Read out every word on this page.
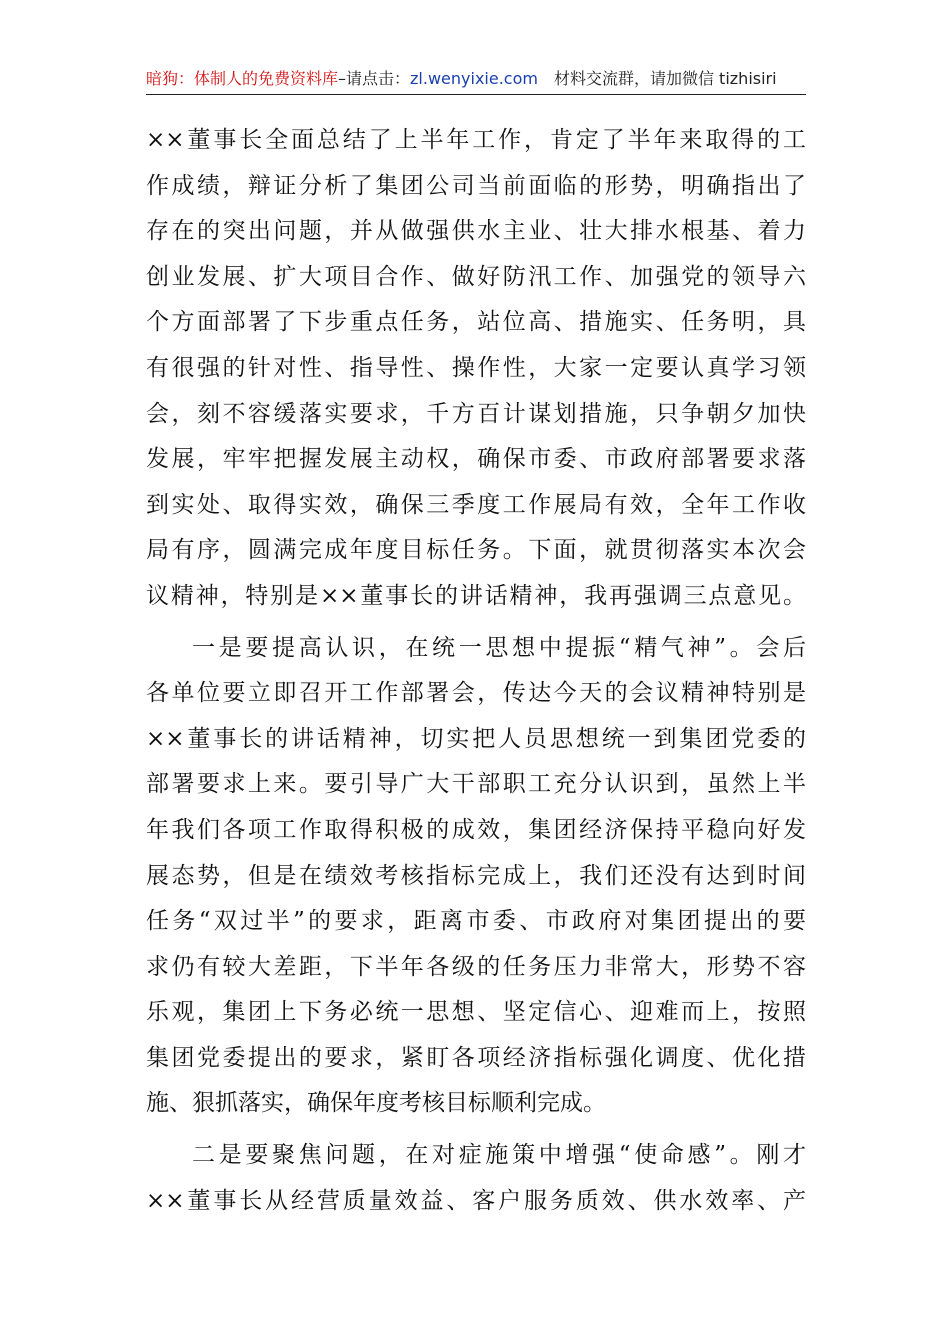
暗狗：体制人的免费资料库–请点击：zl.wenyixie.com 材料交流群，请加微信 tizhisiri
××董事长全面总结了上半年工作，肯定了半年来取得的工
作成绩，辩证分析了集团公司当前面临的形势，明确指出了
存在的突出问题，并从做强供水主业、壮大排水根基、着力
创业发展、扩大项目合作、做好防汛工作、加强党的领导六
个方面部署了下步重点任务，站位高、措施实、任务明，具
有很强的针对性、指导性、操作性，大家一定要认真学习领
会，刻不容缓落实要求，千方百计谋划措施，只争朝夕加快
发展，牢牢把握发展主动权，确保市委、市政府部署要求落
到实处、取得实效，确保三季度工作展局有效，全年工作收
局有序，圆满完成年度目标任务。下面，就贯彻落实本次会
议精神，特别是××董事长的讲话精神，我再强调三点意见。
一是要提高认识，在统一思想中提振“精气神”。会后
各单位要立即召开工作部署会，传达今天的会议精神特别是
××董事长的讲话精神，切实把人员思想统一到集团党委的
部署要求上来。要引导广大干部职工充分认识到，虽然上半
年我们各项工作取得积极的成效，集团经济保持平稳向好发
展态势，但是在绩效考核指标完成上，我们还没有达到时间
任务“双过半”的要求，距离市委、市政府对集团提出的要
求仍有较大差距，下半年各级的任务压力非常大，形势不容
乐观，集团上下务必统一思想、坚定信心、迎难而上，按照
集团党委提出的要求，紧盯各项经济指标强化调度、优化措
施、狠抓落实，确保年度考核目标顺利完成。
二是要聚焦问题，在对症施策中增强“使命感”。刚才
××董事长从经营质量效益、客户服务质效、供水效率、产
